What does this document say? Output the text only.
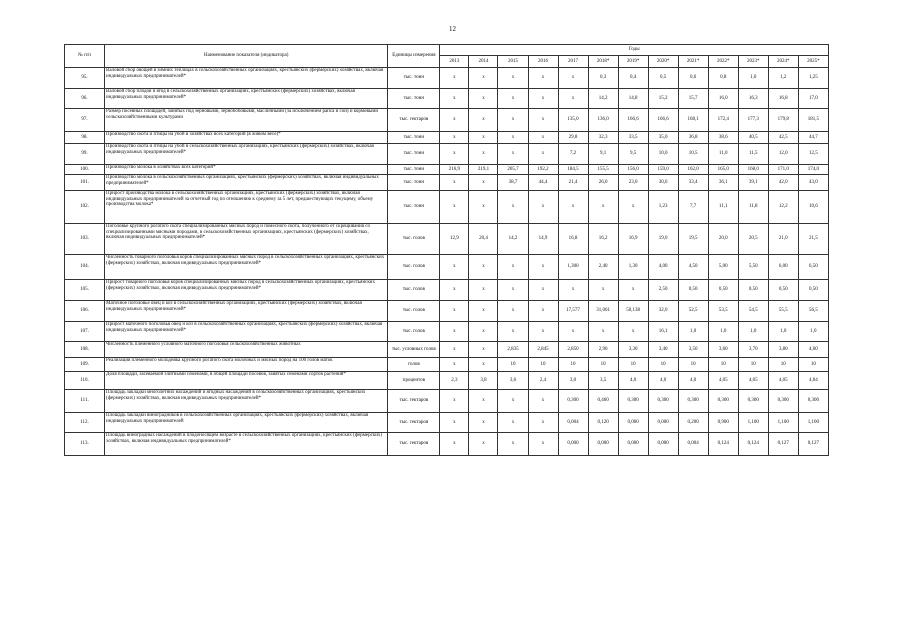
12
№ п/п	Наименование показателя (индикатора)	Единицы измерения	Годы												
			2013	2014	2015	2016	2017	2018*	2019*	2020*	2021*	2022*	2023*	2024*	2025*
95.	Валовой сбор овощей в зимних теплицах в сельскохозяйственных организациях, крестьянских (фермерских) хозяйствах, включая индивидуальных предпринимателей*	тыс. тонн	x	x	x	x	x	0,3	0,4	0,5	0,6	0,8	1,0	1,2	1,25
96.	Валовой сбор плодов и ягод в сельскохозяйственных организациях, крестьянских (фермерских) хозяйствах, включая индивидуальных предпринимателей*	тыс. тонн	x	x	x	x	x	14,2	14,8	15,2	15,7	16,0	16,3	16,8	17,0
97.	Размер посевных площадей, занятых под зерновыми, зернобобовыми, масличными (за исключением рапса и сои) и кормовыми сельскохозяйственными культурами	тыс. гектаров	x	x	x	x	135,0	136,0	166,6	166,6	168,1	172,4	177,3	179,8	181,5
98.	Производство скота и птицы на убой в хозяйствах всех категорий (в живом весе)*	тыс. тонн	x	x	x	x	29,8	32,3	33,5	35,0	36,8	38,6	40,5	42,5	44,7
99.	Производство скота и птицы на убой в сельскохозяйственных организациях, крестьянских (фермерских) хозяйствах, включая индивидуальных предпринимателей*	тыс. тонн	x	x	x	x	7,2	9,1	9,5	10,0	10,5	11,0	11,5	12,0	12,5
100.	Производство молока в хозяйствах всех категорий*	тыс. тонн	216,9	219,1	205,7	192,2	184,5	155,5	156,0	159,0	162,0	165,0	168,0	171,0	174,0
101.	Производство молока в сельскохозяйственных организациях, крестьянских (фермерских) хозяйствах, включая индивидуальных предпринимателей*	тыс. тонн	x	x	38,7	44,4	21,4	26,0	23,0	30,6	33,4	36,1	39,1	42,0	43,0
102.	Прирост производства молока в сельскохозяйственных организациях, крестьянских (фермерских) хозяйствах, включая индивидуальных предпринимателей за отчетный год по отношению к среднему за 5 лет, предшествующих текущему, объему производства молока*	тыс. тонн	x	x	x	x	x	x	x	1,23	7,7	11,1	11,8	12,2	10,6
103.	Поголовье крупного рогатого скота специализированных мясных пород и помесного скота, полученного от скрещивания со специализированными мясными породами, в сельскохозяйственных организациях, крестьянских (фермерских) хозяйствах, включая индивидуальных предпринимателей*	тыс. голов	12,9	20,4	14,2	14,9	16,8	16,2	16,9	19,0	19,5	20,0	20,5	21,0	21,5
104.	Численность товарного поголовья коров специализированных мясных пород в сельскохозяйственных организациях, крестьянских (фермерских) хозяйствах, включая индивидуальных предпринимателей*	тыс. голов	x	x	x	x	1,300	2,40	1,30	4,00	4,50	5,00	5,50	6,00	6,50
105.	Прирост товарного поголовья коров специализированных мясных пород в сельскохозяйственных организациях, крестьянских (фермерских) хозяйствах, включая индивидуальных предпринимателей*	тыс. голов	x	x	x	x	x	x	x	2,50	0,50	0,50	0,50	0,50	0,50
106.	Маточное поголовье овец и коз в сельскохозяйственных организациях, крестьянских (фермерских) хозяйствах, включая индивидуальных предпринимателей*	тыс. голов	x	x	x	x	17,577	31,061	50,138	32,0	52,5	53,5	54,5	55,5	56,5
107.	Прирост маточного поголовья овец и коз в сельскохозяйственных организациях, крестьянских (фермерских) хозяйствах, включая индивидуальных предпринимателей*	тыс. голов	x	x	x	x	x	x	x	16,1	1,0	1,0	1,0	1,0	1,0
108.	Численность племенного условного маточного поголовья сельскохозяйственных животных	тыс. условных голов	x	x	2,835	2,845	2,850	2,90	3,30	3,40	3,50	3,60	3,70	3,80	4,00
109.	Реализация племенного молодняка крупного рогатого скота молочных и мясных пород на 100 голов маток	голов	x	x	10	10	10	10	10	10	10	10	10	10	10
110.	Доля площади, засеваемой элитными семенами, в общей площади посевов, занятых семенами сортов растений*	процентов	2,3	3,8	3,6	2,4	3,0	3,5	4,0	4,0	4,0	4,05	4,05	4,05	4,04
111.	Площадь закладки многолетних насаждений и ягодных насаждений в сельскохозяйственных организациях, крестьянских (фермерских) хозяйствах, включая индивидуальных предпринимателей*	тыс. гектаров	x	x	x	x	0,300	0,460	0,300	0,300	0,300	0,300	0,300	0,300	0,300
112.	Площадь закладки виноградников в сельскохозяйственных организациях, крестьянских (фермерских) хозяйствах, включая индивидуальных предпринимателей	тыс. гектаров	x	x	x	x	0,004	0,120	0,000	0,000	0,200	0,900	1,100	1,100	1,100
113.	Площадь виноградных насаждений в плодоносящем возрасте в сельскохозяйственных организациях, крестьянских (фермерских) хозяйствах, включая индивидуальных предпринимателей*	тыс. гектаров	x	x	x	x	0,000	0,000	0,000	0,000	0,004	0,124	0,124	0,127	0,127
